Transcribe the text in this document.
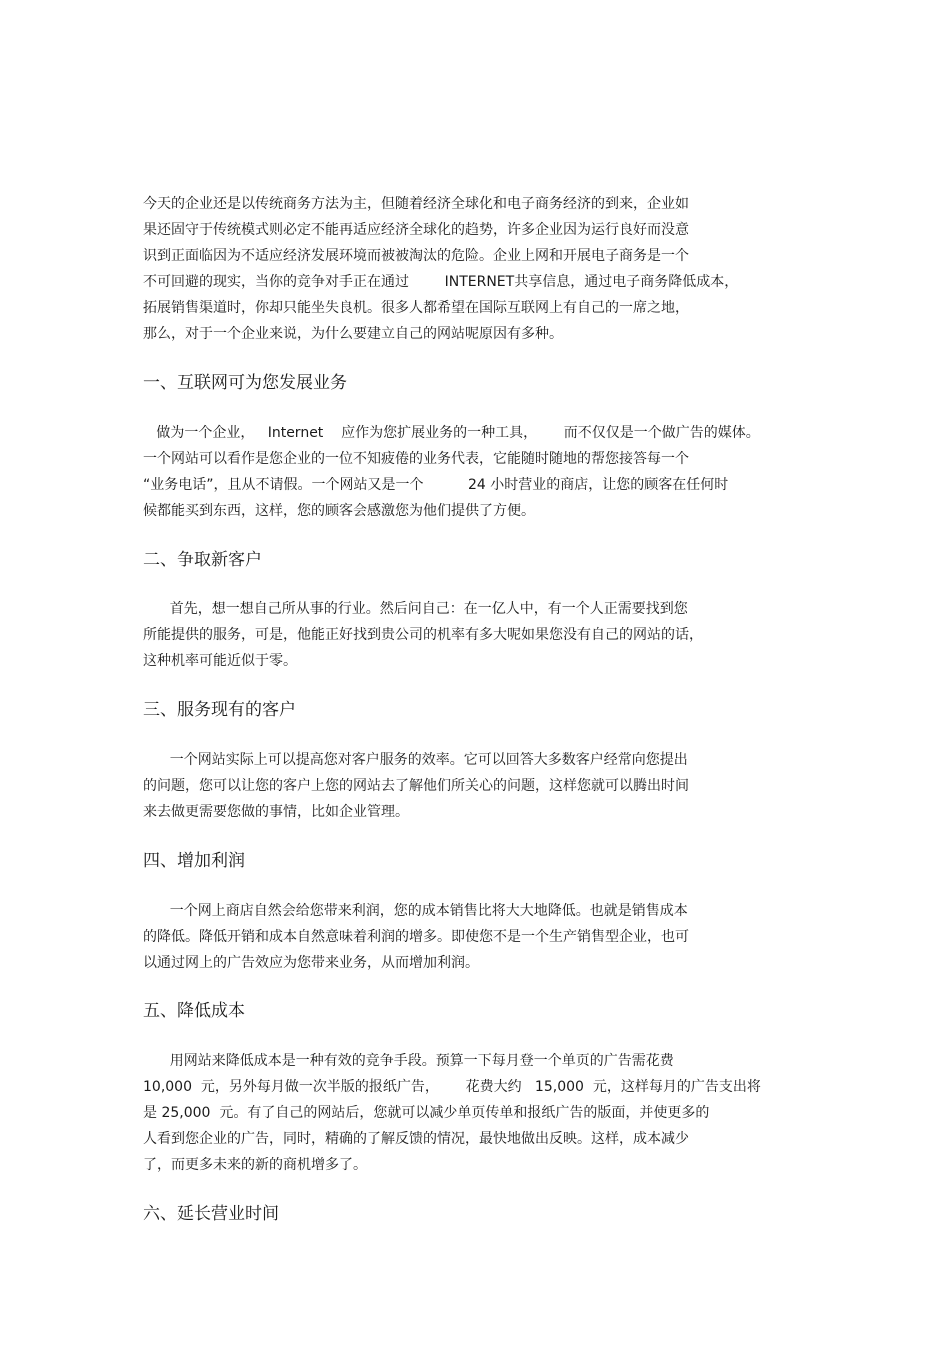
今天的企业还是以传统商务方法为主，但随着经济全球化和电子商务经济的到来，企业如

果还固守于传统模式则必定不能再适应经济全球化的趋势，许多企业因为运行良好而没意

识到正面临因为不适应经济发展环境而被被淘汰的危险。企业上网和开展电子商务是一个

不可回避的现实，当你的竞争对手正在通过        INTERNET共享信息，通过电子商务降低成本，

拓展销售渠道时，你却只能坐失良机。很多人都希望在国际互联网上有自己的一席之地，

那么，对于一个企业来说，为什么要建立自己的网站呢原因有多种。

一、互联网可为您发展业务

做为一个企业，   Internet    应作为您扩展业务的一种工具，      而不仅仅是一个做广告的媒体。

一个网站可以看作是您企业的一位不知疲倦的业务代表，它能随时随地的帮您接答每一个

“业务电话”，且从不请假。一个网站又是一个          24 小时营业的商店，让您的顾客在任何时

候都能买到东西，这样，您的顾客会感激您为他们提供了方便。

二、争取新客户

首先，想一想自己所从事的行业。然后问自己：在一亿人中，有一个人正需要找到您

所能提供的服务，可是，他能正好找到贵公司的机率有多大呢如果您没有自己的网站的话，

这种机率可能近似于零。

三、服务现有的客户

一个网站实际上可以提高您对客户服务的效率。它可以回答大多数客户经常向您提出

的问题，您可以让您的客户上您的网站去了解他们所关心的问题，这样您就可以腾出时间

来去做更需要您做的事情，比如企业管理。

四、增加利润

一个网上商店自然会给您带来利润，您的成本销售比将大大地降低。也就是销售成本

的降低。降低开销和成本自然意味着利润的增多。即使您不是一个生产销售型企业，也可

以通过网上的广告效应为您带来业务，从而增加利润。

五、降低成本

用网站来降低成本是一种有效的竞争手段。预算一下每月登一个单页的广告需花费

10,000  元，另外每月做一次半版的报纸广告，      花费大约   15,000  元，这样每月的广告支出将

是 25,000  元。有了自己的网站后，您就可以减少单页传单和报纸广告的版面，并使更多的

人看到您企业的广告，同时，精确的了解反馈的情况，最快地做出反映。这样，成本减少

了，而更多未来的新的商机增多了。

六、延长营业时间
